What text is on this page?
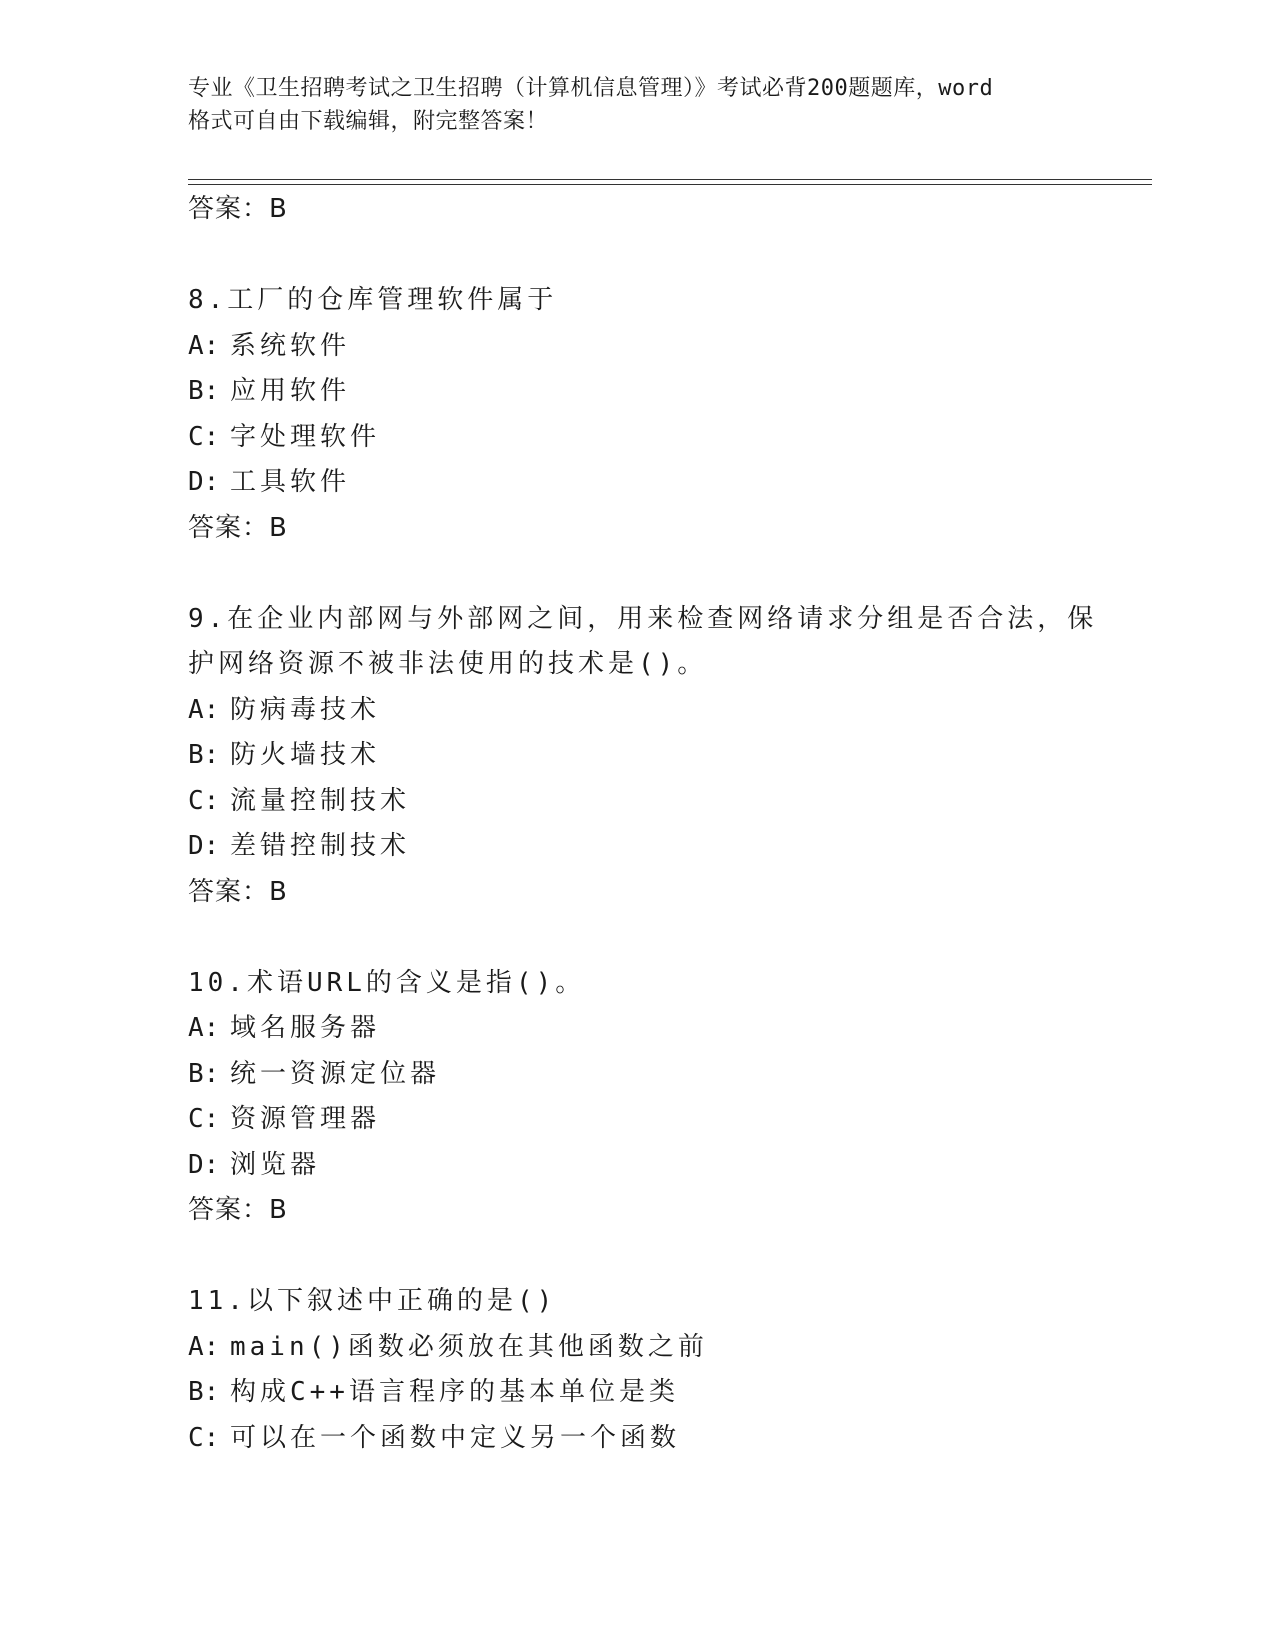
专业《卫生招聘考试之卫生招聘（计算机信息管理）》考试必背200题题库，word
格式可自由下载编辑，附完整答案！
答案：B
8.工厂的仓库管理软件属于
A: 系统软件
B: 应用软件
C: 字处理软件
D: 工具软件
答案：B
9.在企业内部网与外部网之间，用来检查网络请求分组是否合法，保
护网络资源不被非法使用的技术是()。
A: 防病毒技术
B: 防火墙技术
C: 流量控制技术
D: 差错控制技术
答案：B
10.术语URL的含义是指()。
A: 域名服务器
B: 统一资源定位器
C: 资源管理器
D: 浏览器
答案：B
11.以下叙述中正确的是()
A: main()函数必须放在其他函数之前
B: 构成C++语言程序的基本单位是类
C: 可以在一个函数中定义另一个函数
